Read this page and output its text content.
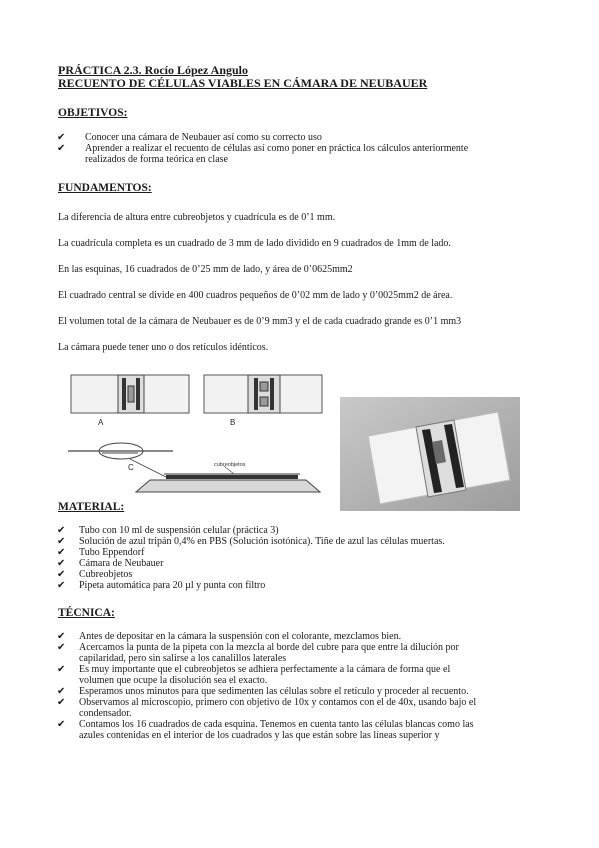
PRÁCTICA 2.3. Rocío López Angulo
RECUENTO DE CÉLULAS VIABLES EN CÁMARA DE NEUBAUER
OBJETIVOS:
✔ Conocer una cámara de Neubauer así como su correcto uso
✔ Aprender a realizar el recuento de células así como poner en práctica los cálculos anteriormente
realizados de forma teórica en clase
FUNDAMENTOS:
La diferencia de altura entre cubreobjetos y cuadrícula es de 0’1 mm.
La cuadrícula completa es un cuadrado de 3 mm de lado dividido en 9 cuadrados de 1mm de lado.
En las esquinas, 16 cuadrados de 0’25 mm de lado, y área de 0’0625mm2
El cuadrado central se divide en 400 cuadros pequeños de 0’02 mm de lado y 0’0025mm2 de área.
El volumen total de la cámara de Neubauer es de 0’9 mm3 y el de cada cuadrado grande es 0’1 mm3
La cámara puede tener uno o dos retículos idénticos.
A	B
cubreobjetos
C
MATERIAL:
✔ Tubo con 10 ml de suspensión celular (práctica 3)
✔ Solución de azul tripán 0,4% en PBS (Solución isotónica). Tiñe de azul las células muertas.
✔ Tubo Eppendorf
✔ Cámara de Neubauer
✔ Cubreobjetos
✔ Pipeta automática para 20 µl y punta con filtro
TÉCNICA:
✔ Antes de depositar en la cámara la suspensión con el colorante, mezclamos bien.
✔ Acercamos la punta de la pipeta con la mezcla al borde del cubre para que entre la dilución por
capilaridad, pero sin salirse a los canalillos laterales
✔ Es muy importante que el cubreobjetos se adhiera perfectamente a la cámara de forma que el
volumen que ocupe la disolución sea el exacto.
✔ Esperamos unos minutos para que sedimenten las células sobre el retículo y proceder al recuento.
✔ Observamos al microscopio, primero con objetivo de 10x y contamos con el de 40x, usando bajo el
condensador.
✔ Contamos los 16 cuadrados de cada esquina. Tenemos en cuenta tanto las células blancas como las
azules contenidas en el interior de los cuadrados y las que están sobre las líneas superior y
